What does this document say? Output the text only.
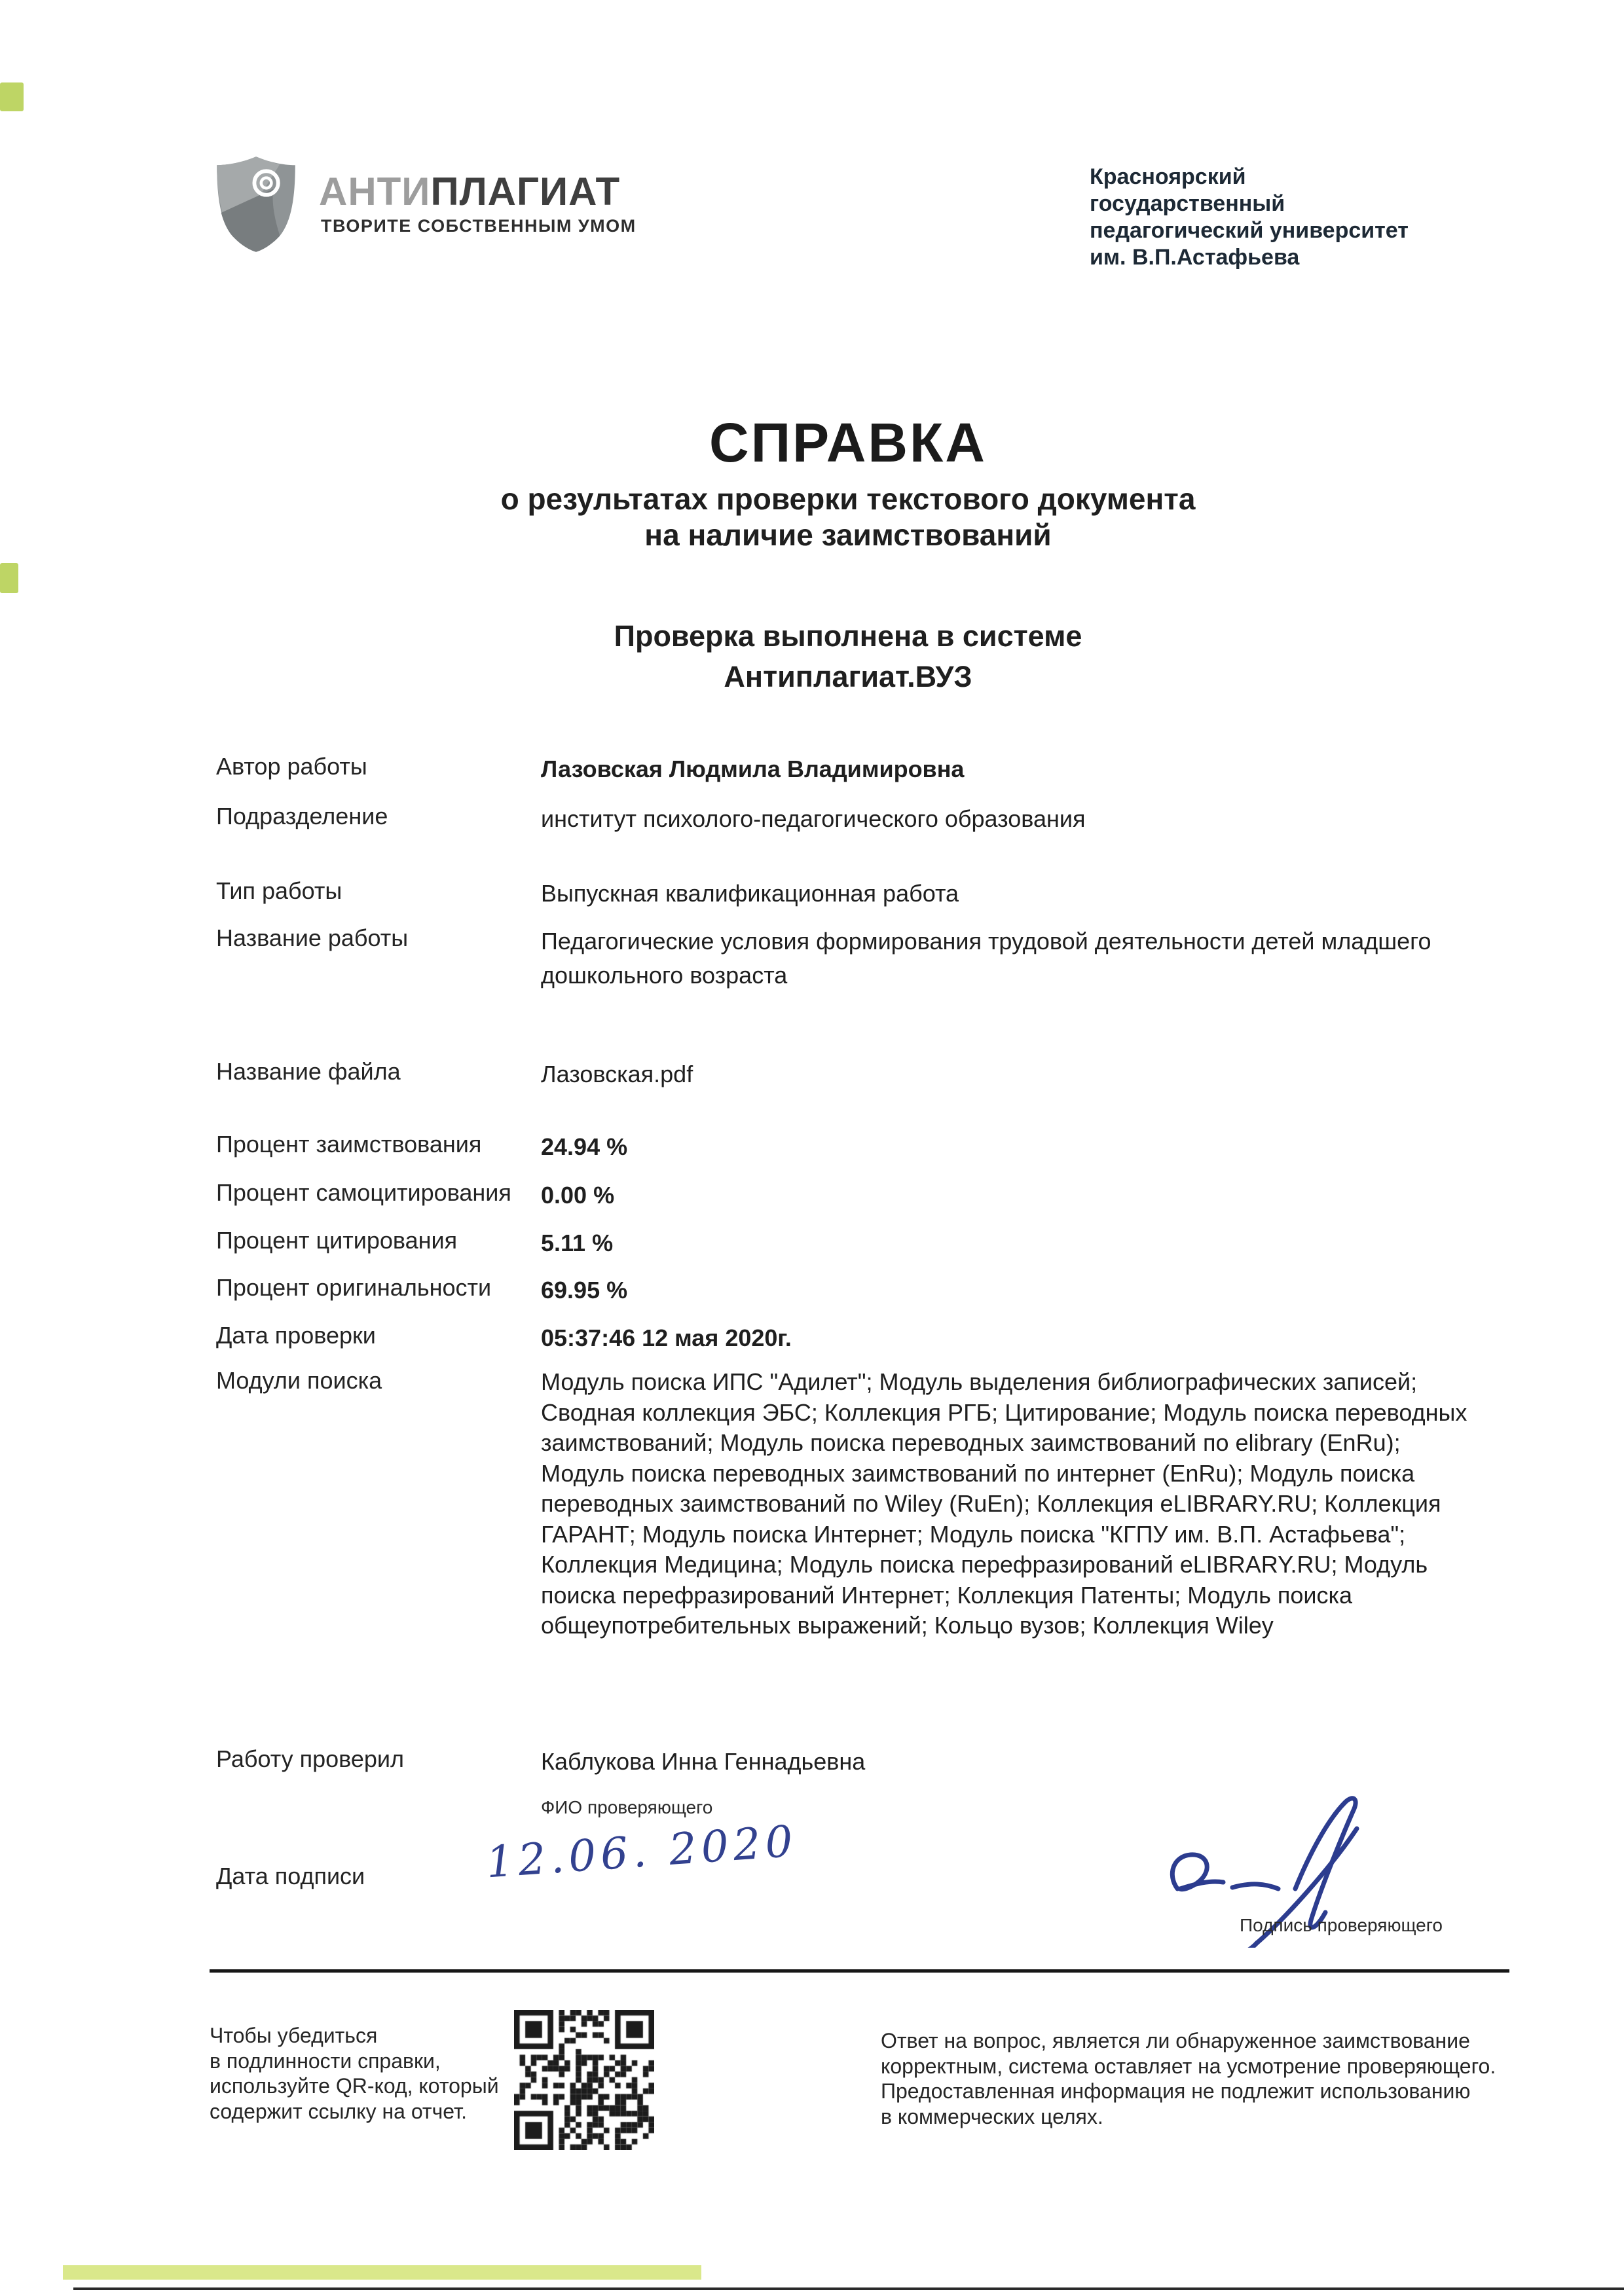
АНТИПЛАГИАТ
ТВОРИТЕ СОБСТВЕННЫМ УМОМ
Красноярский
государственный
педагогический университет
им. В.П.Астафьева
СПРАВКА
о результатах проверки текстового документа
на наличие заимствований
Проверка выполнена в системе
Антиплагиат.ВУЗ
Автор работы	Лазовская Людмила Владимировна
Подразделение	институт психолого-педагогического образования
Тип работы	Выпускная квалификационная работа
Название работы	Педагогические условия формирования трудовой деятельности детей младшего дошкольного возраста
Название файла	Лазовская.pdf
Процент заимствования	24.94 %
Процент самоцитирования 0.00 %
Процент цитирования	5.11 %
Процент оригинальности 69.95 %
Дата проверки	05:37:46 12 мая 2020г.
Модули поиска	Модуль поиска ИПС "Адилет"; Модуль выделения библиографических записей; Сводная коллекция ЭБС; Коллекция РГБ; Цитирование; Модуль поиска переводных заимствований; Модуль поиска переводных заимствований по elibrary (EnRu); Модуль поиска переводных заимствований по интернет (EnRu); Модуль поиска переводных заимствований по Wiley (RuEn); Коллекция eLIBRARY.RU; Коллекция ГАРАНТ; Модуль поиска Интернет; Модуль поиска "КГПУ им. В.П. Астафьева"; Коллекция Медицина; Модуль поиска перефразирований eLIBRARY.RU; Модуль поиска перефразирований Интернет; Коллекция Патенты; Модуль поиска общеупотребительных выражений; Кольцо вузов; Коллекция Wiley
Работу проверил	Каблукова Инна Геннадьевна
ФИО проверяющего
Дата подписи	12.06. 2020
Подпись проверяющего
Чтобы убедиться
в подлинности справки,
используйте QR-код, который
содержит ссылку на отчет.
Ответ на вопрос, является ли обнаруженное заимствование
корректным, система оставляет на усмотрение проверяющего.
Предоставленная информация не подлежит использованию
в коммерческих целях.
